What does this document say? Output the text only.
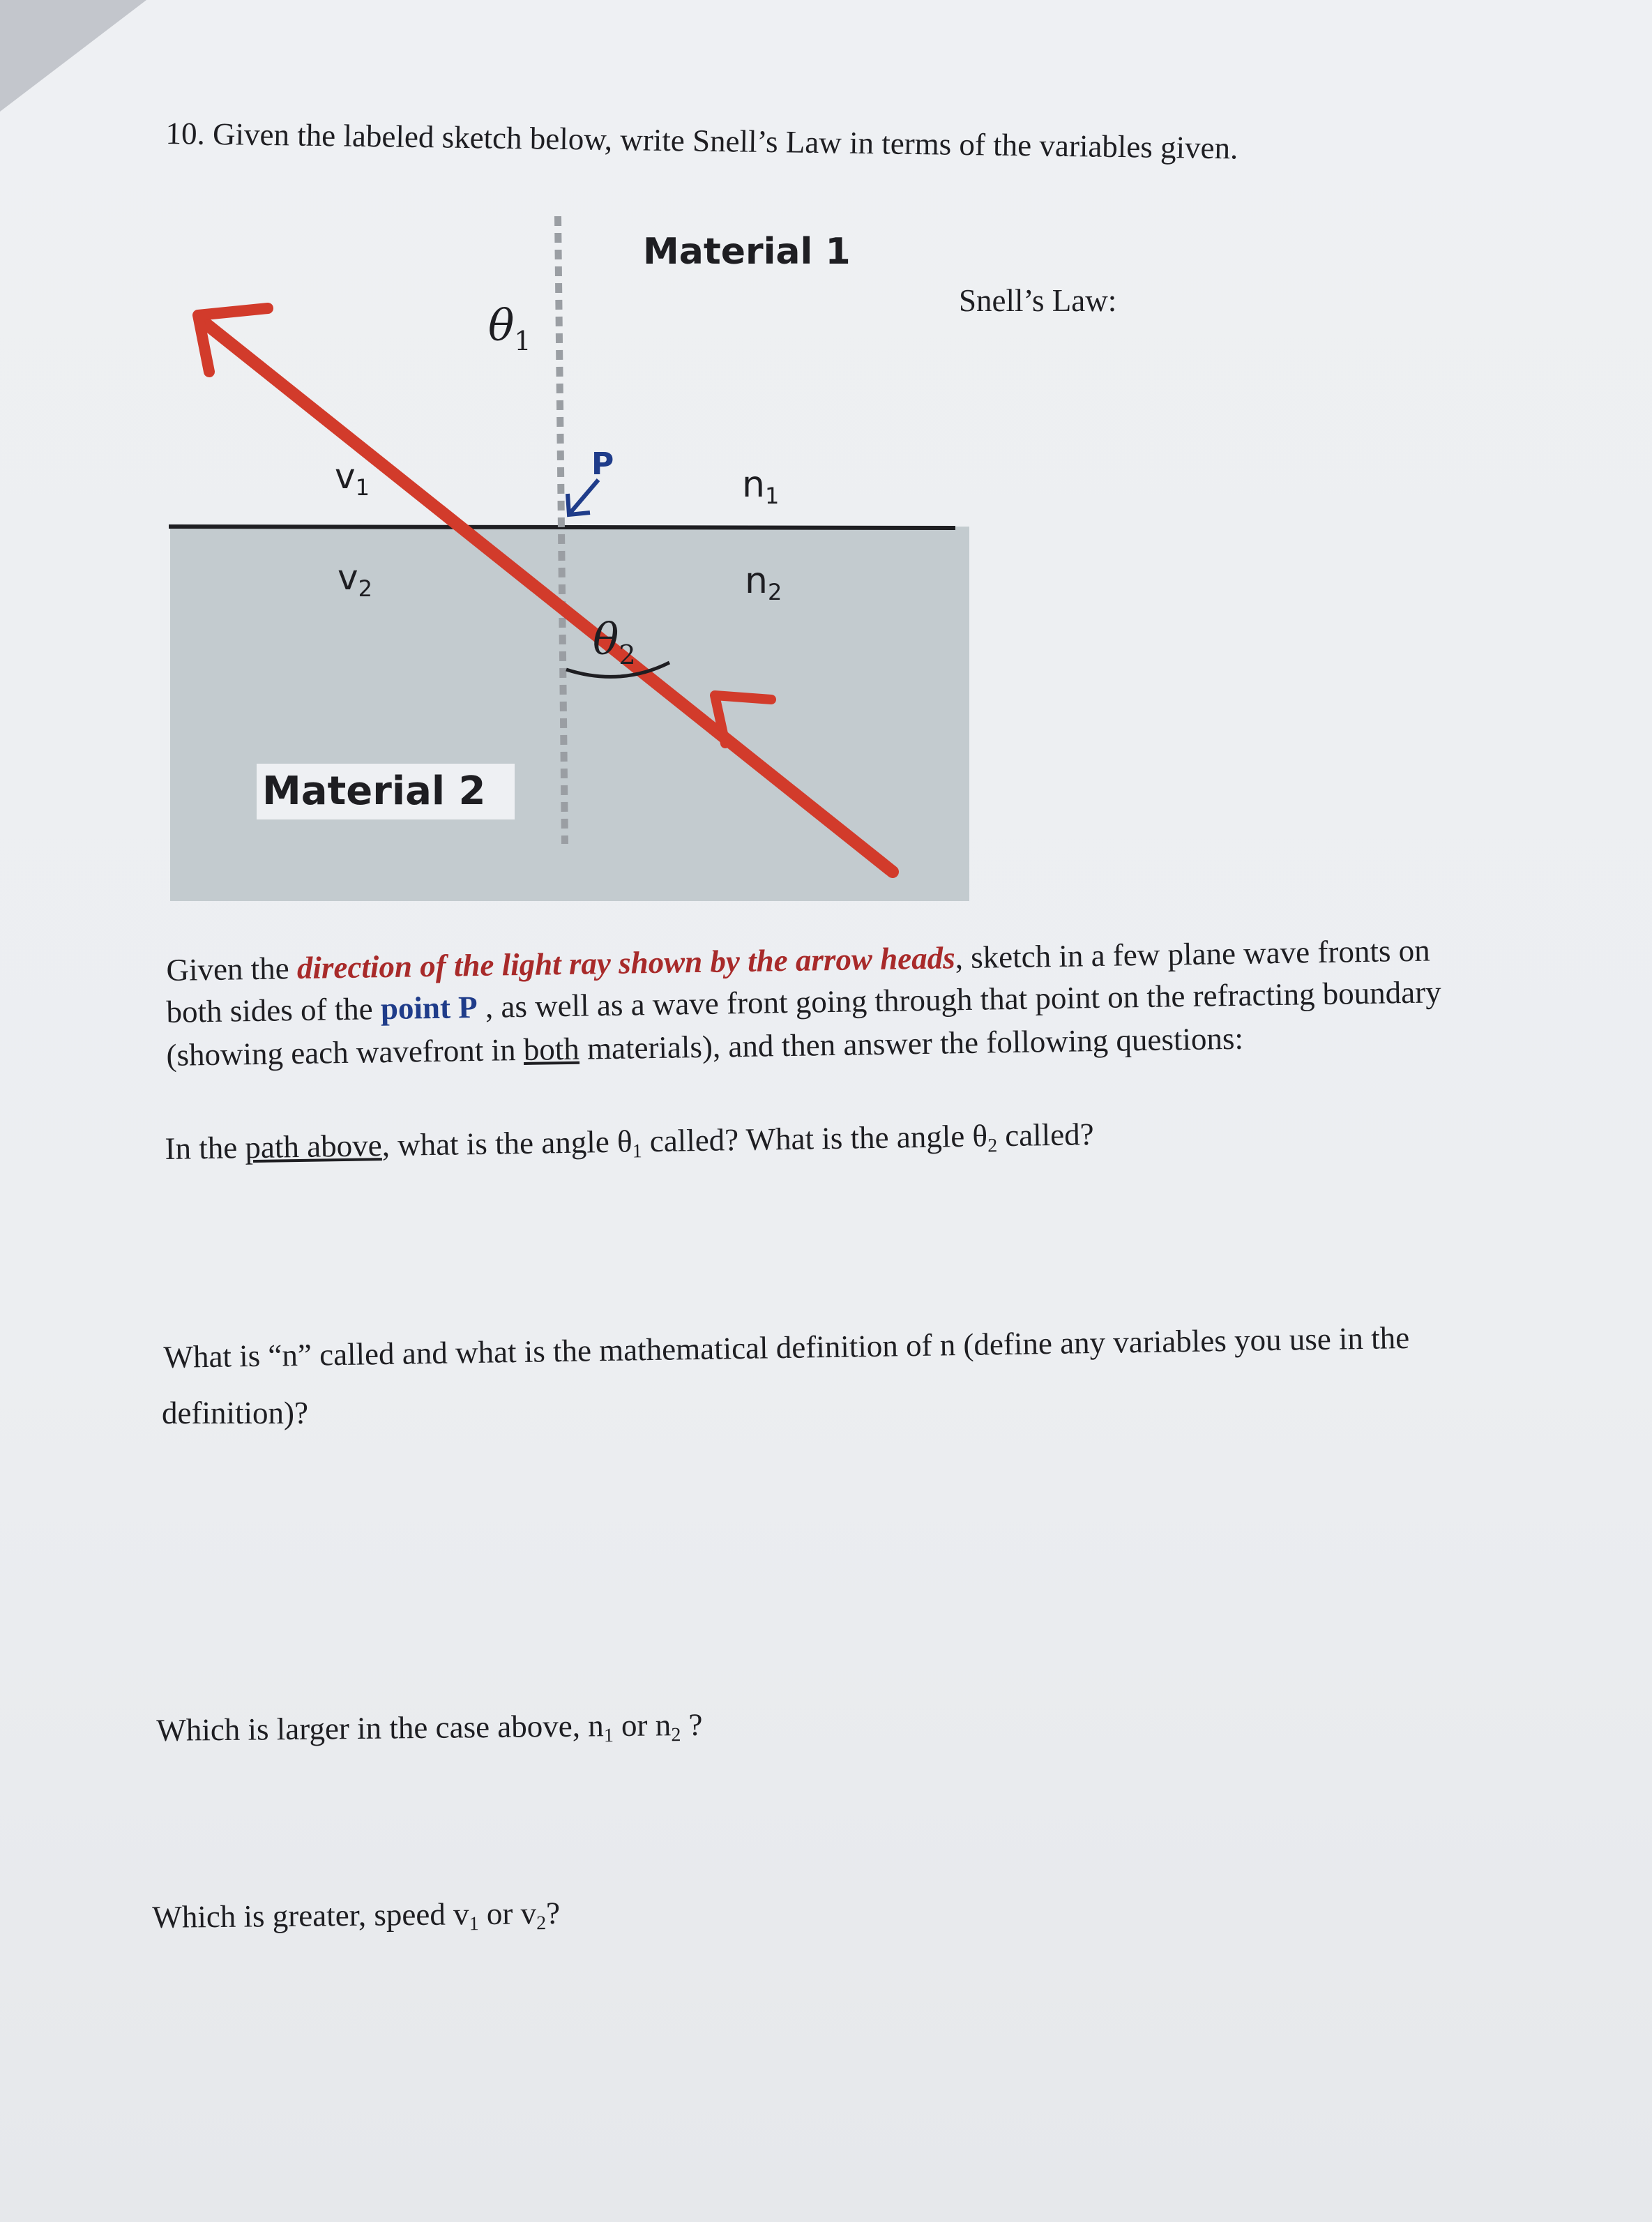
10. Given the labeled sketch below, write Snell’s Law in terms of the variables given.
Material 1
Material 2
$\theta_1$
$\theta_2$
$v_1$
$v_2$
n1
n2
P
Snell’s Law:
Given the direction of the light ray shown by the arrow heads, sketch in a few plane wave fronts on
both sides of the point P , as well as a wave front going through that point on the refracting boundary
(showing each wavefront in both materials), and then answer the following questions:
In the path above, what is the angle $\theta_1$ called? What is the angle $\theta_2$ called?
What is “n” called and what is the mathematical definition of n (define any variables you use in the
definition)?
Which is larger in the case above, $n_1$ or $n_2$ ?
Which is greater, speed $v_1$ or $v_2$?
